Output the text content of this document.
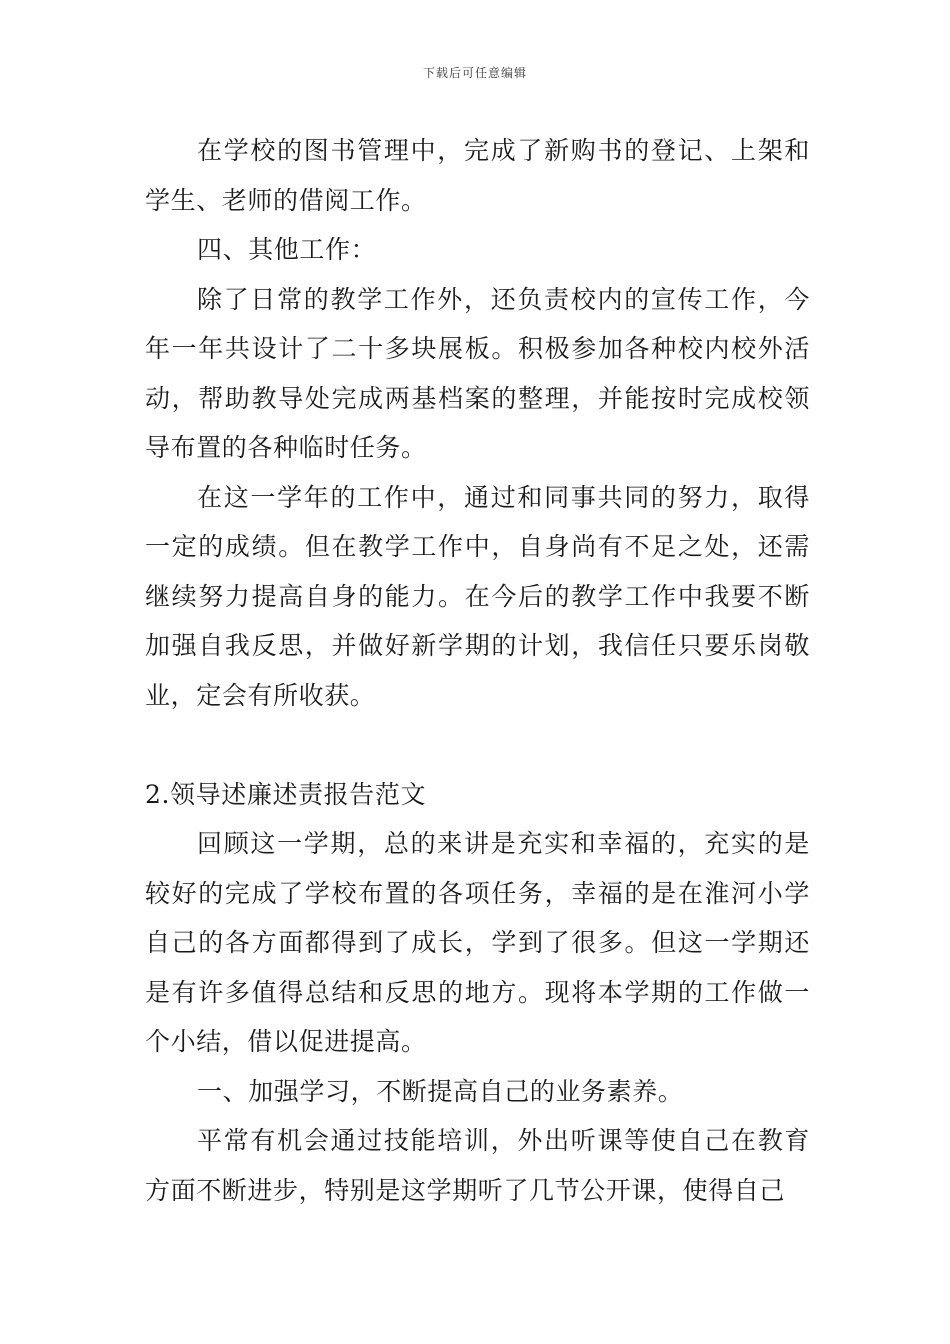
下载后可任意编辑

在学校的图书管理中，完成了新购书的登记、上架和学生、老师的借阅工作。

四、其他工作：

除了日常的教学工作外，还负责校内的宣传工作，今年一年共设计了二十多块展板。积极参加各种校内校外活动，帮助教导处完成两基档案的整理，并能按时完成校领导布置的各种临时任务。

在这一学年的工作中，通过和同事共同的努力，取得一定的成绩。但在教学工作中，自身尚有不足之处，还需继续努力提高自身的能力。在今后的教学工作中我要不断加强自我反思，并做好新学期的计划，我信任只要乐岗敬业，定会有所收获。

2.领导述廉述责报告范文

回顾这一学期，总的来讲是充实和幸福的，充实的是较好的完成了学校布置的各项任务，幸福的是在淮河小学自己的各方面都得到了成长，学到了很多。但这一学期还是有许多值得总结和反思的地方。现将本学期的工作做一个小结，借以促进提高。

一、加强学习，不断提高自己的业务素养。

平常有机会通过技能培训，外出听课等使自己在教育方面不断进步，特别是这学期听了几节公开课，使得自己
